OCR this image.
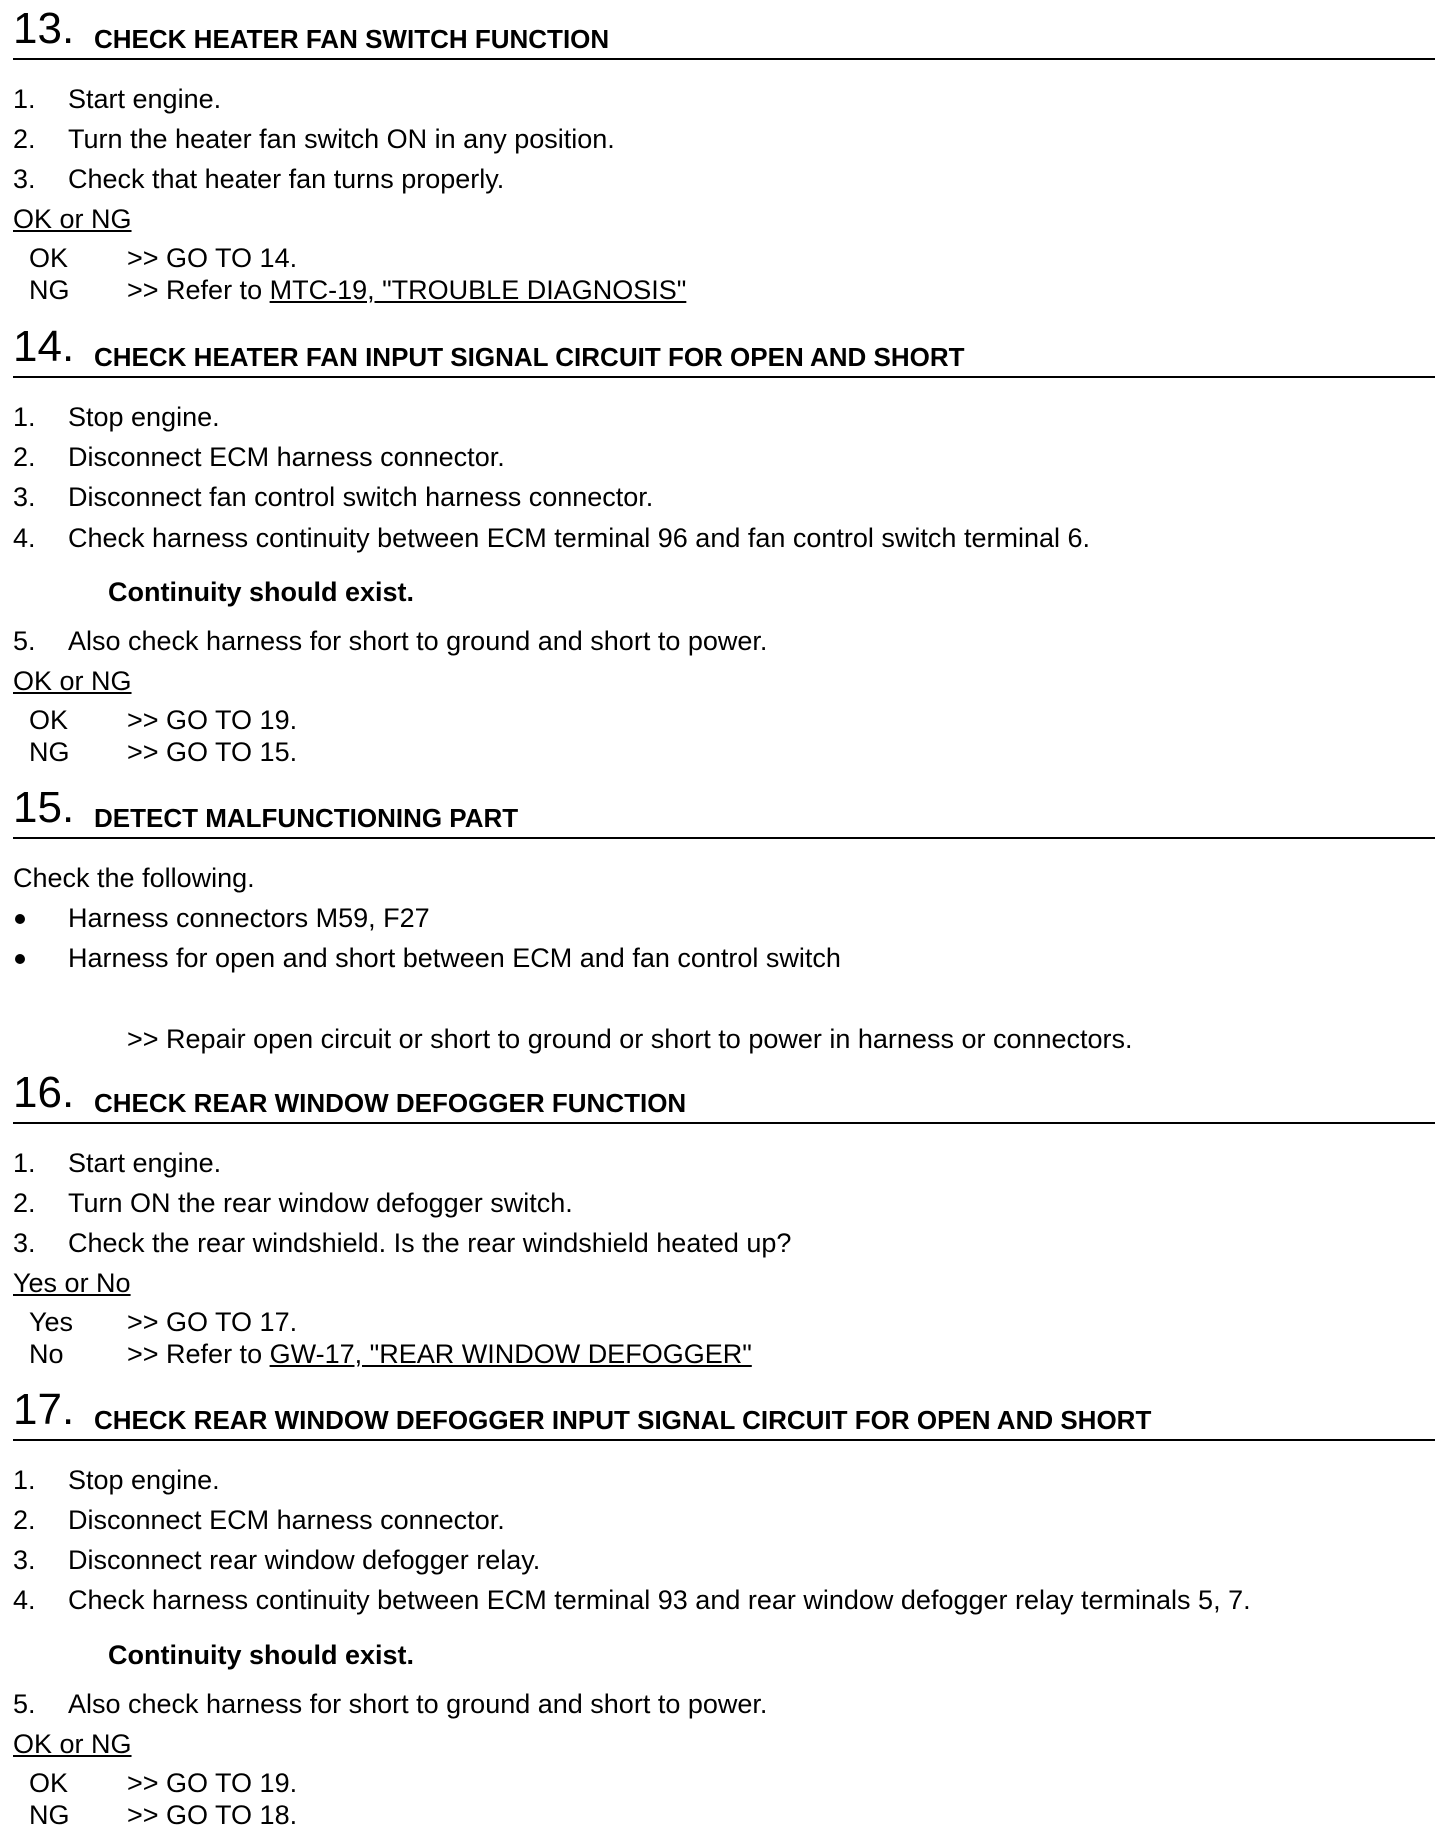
13. CHECK HEATER FAN SWITCH FUNCTION
1. Start engine.
2. Turn the heater fan switch ON in any position.
3. Check that heater fan turns properly.
OK or NG
OK >> GO TO 14.
NG >> Refer to MTC-19, "TROUBLE DIAGNOSIS"
14. CHECK HEATER FAN INPUT SIGNAL CIRCUIT FOR OPEN AND SHORT
1. Stop engine.
2. Disconnect ECM harness connector.
3. Disconnect fan control switch harness connector.
4. Check harness continuity between ECM terminal 96 and fan control switch terminal 6.
Continuity should exist.
5. Also check harness for short to ground and short to power.
OK or NG
OK >> GO TO 19.
NG >> GO TO 15.
15. DETECT MALFUNCTIONING PART
Check the following.
Harness connectors M59, F27
Harness for open and short between ECM and fan control switch
>> Repair open circuit or short to ground or short to power in harness or connectors.
16. CHECK REAR WINDOW DEFOGGER FUNCTION
1. Start engine.
2. Turn ON the rear window defogger switch.
3. Check the rear windshield. Is the rear windshield heated up?
Yes or No
Yes >> GO TO 17.
No >> Refer to GW-17, "REAR WINDOW DEFOGGER"
17. CHECK REAR WINDOW DEFOGGER INPUT SIGNAL CIRCUIT FOR OPEN AND SHORT
1. Stop engine.
2. Disconnect ECM harness connector.
3. Disconnect rear window defogger relay.
4. Check harness continuity between ECM terminal 93 and rear window defogger relay terminals 5, 7.
Continuity should exist.
5. Also check harness for short to ground and short to power.
OK or NG
OK >> GO TO 19.
NG >> GO TO 18.
